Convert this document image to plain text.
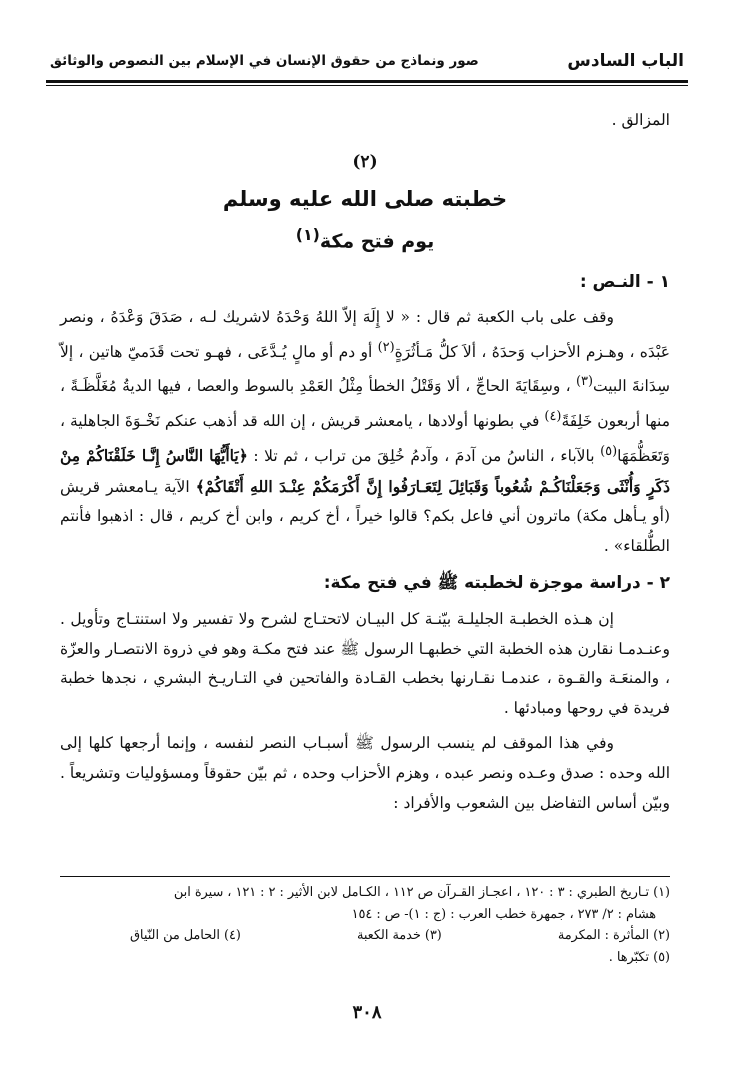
الباب السادس
صور ونماذج من حقوق الإنسان في الإسلام بين النصوص والوثائق

المزالق .

(٢)
خطبته صلى الله عليه وسلم
يوم فتح مكة$^{(١)}$

١ - النـص :

وقف على باب الكعبة ثم قال : « لا إِلَهَ إلاّ اللهُ وَحْدَهُ لاشريك لـه ، صَدَقَ وَعْدَهُ ، ونصر عَبْدَه ، وهـزم الأحزاب وَحدَهُ ، ألاَ كلُّ مَـأثُرَةٍ$^{(٢)}$ أو دم أو مالٍ يُـدَّعَى ، فهـو تحت قَدَميّ هاتين ، إلاّ سِدَانةَ البيت$^{(٣)}$ ، وسِقَايَةَ الحاجِّ ، ألا وَقَتْلُ الخطأ مِثْلُ العَمْدِ بالسوط والعصا ، فيها الديةُ مُغَلَّظَـةً ، منها أربعون خَلِفَةً$^{(٤)}$ في بطونها أولادها ، يامعشر قريش ، إن الله قد أذهب عنكم نَخْـوَةَ الجاهلية ، وَتَعَظُّمَهَا$^{(٥)}$ بالآباء ، الناسُ من آدمَ ، وآدمُ خُلِقَ من تراب ، ثم تلا : ﴿يَاأَيُّهَا النَّاسُ إِنَّـا خَلَقْنَاكُمْ مِنْ ذَكَرٍ وَأُنْثَى وَجَعَلْنَاكُـمْ شُعُوباً وَقَبَائِلَ لِتَعَـارَفُوا إِنَّ أَكْرَمَكُمْ عِنْـدَ اللهِ أَتْقَاكُمْ﴾ الآية يـامعشر قريش (أو يـأهل مكة) ماترون أني فاعل بكم؟ قالوا خيراً ، أخ كريم ، وابن أخ كريم ، قال : اذهبوا فأنتم الطُّلقاء» .

٢ - دراسة موجزة لخطبته ﷺ في فتح مكة:

إن هـذه الخطبـة الجليلـة بيّنـة كل البيـان لاتحتـاج لشرح ولا تفسير ولا استنتـاج وتأويل . وعنـدمـا نقارن هذه الخطبة التي خطبهـا الرسول ﷺ عند فتح مكـة وهو في ذروة الانتصـار والعزّة ، والمنعَـة والقـوة ، عندمـا نقـارنها بخطب القـادة والفاتحين في التـاريـخ البشري ، نجدها خطبة فريدة في روحها ومبادئها .

وفي هذا الموقف لم ينسب الرسول ﷺ أسبـاب النصر لنفسه ، وإنما أرجعها كلها إلى الله وحده : صدق وعـده ونصر عبده ، وهزم الأحزاب وحده ، ثم بيّن حقوقاً ومسؤوليات وتشريعاً . وبيّن أساس التفاضل بين الشعوب والأفراد :

(١) تـاريخ الطبري : ٣ : ١٢٠ ، اعجـاز القـرآن ص ١١٢ ، الكـامل لابن الأثير : ٢ : ١٢١ ، سيرة ابن
هشام : ٢/ ٢٧٣ ، جمهرة خطب العرب : (ج : ١)- ص : ١٥٤
(٢) المأثرة : المكرمة
(٣) خدمة الكعبة
(٤) الحامل من النّياق
(٥) تكبّرها .
٣٠٨
